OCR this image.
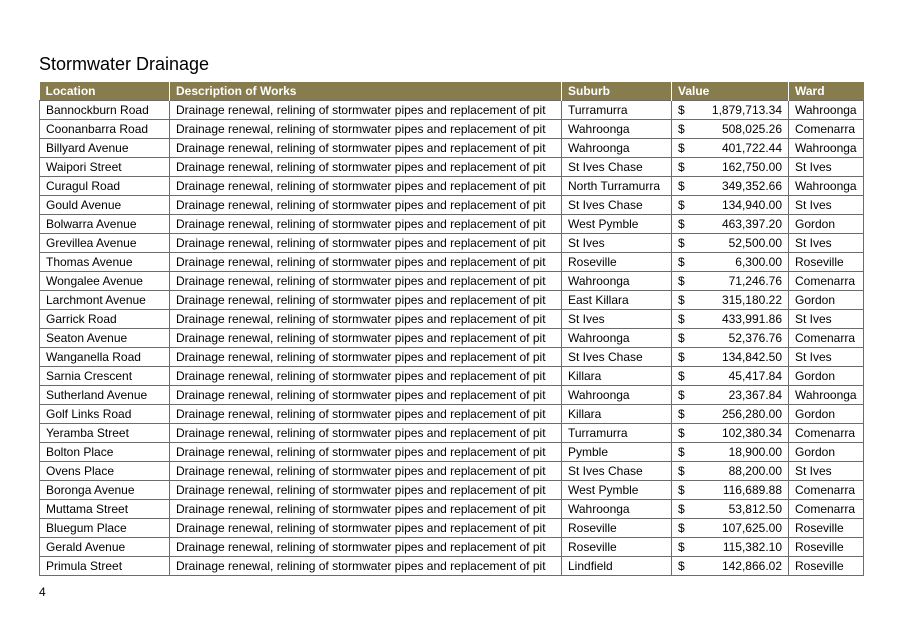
Stormwater Drainage
Location	Description of Works	Suburb	Value	Ward
Bannockburn Road	Drainage renewal, relining of stormwater pipes and replacement of pit	Turramurra	$ 1,879,713.34	Wahroonga
Coonanbarra Road	Drainage renewal, relining of stormwater pipes and replacement of pit	Wahroonga	$ 508,025.26	Comenarra
Billyard Avenue	Drainage renewal, relining of stormwater pipes and replacement of pit	Wahroonga	$ 401,722.44	Wahroonga
Waipori Street	Drainage renewal, relining of stormwater pipes and replacement of pit	St Ives Chase	$ 162,750.00	St Ives
Curagul Road	Drainage renewal, relining of stormwater pipes and replacement of pit	North Turramurra	$ 349,352.66	Wahroonga
Gould Avenue	Drainage renewal, relining of stormwater pipes and replacement of pit	St Ives Chase	$ 134,940.00	St Ives
Bolwarra Avenue	Drainage renewal, relining of stormwater pipes and replacement of pit	West Pymble	$ 463,397.20	Gordon
Grevillea Avenue	Drainage renewal, relining of stormwater pipes and replacement of pit	St Ives	$ 52,500.00	St Ives
Thomas Avenue	Drainage renewal, relining of stormwater pipes and replacement of pit	Roseville	$ 6,300.00	Roseville
Wongalee Avenue	Drainage renewal, relining of stormwater pipes and replacement of pit	Wahroonga	$ 71,246.76	Comenarra
Larchmont Avenue	Drainage renewal, relining of stormwater pipes and replacement of pit	East Killara	$ 315,180.22	Gordon
Garrick Road	Drainage renewal, relining of stormwater pipes and replacement of pit	St Ives	$ 433,991.86	St Ives
Seaton Avenue	Drainage renewal, relining of stormwater pipes and replacement of pit	Wahroonga	$ 52,376.76	Comenarra
Wanganella Road	Drainage renewal, relining of stormwater pipes and replacement of pit	St Ives Chase	$ 134,842.50	St Ives
Sarnia Crescent	Drainage renewal, relining of stormwater pipes and replacement of pit	Killara	$ 45,417.84	Gordon
Sutherland Avenue	Drainage renewal, relining of stormwater pipes and replacement of pit	Wahroonga	$ 23,367.84	Wahroonga
Golf Links Road	Drainage renewal, relining of stormwater pipes and replacement of pit	Killara	$ 256,280.00	Gordon
Yeramba Street	Drainage renewal, relining of stormwater pipes and replacement of pit	Turramurra	$ 102,380.34	Comenarra
Bolton Place	Drainage renewal, relining of stormwater pipes and replacement of pit	Pymble	$ 18,900.00	Gordon
Ovens Place	Drainage renewal, relining of stormwater pipes and replacement of pit	St Ives Chase	$ 88,200.00	St Ives
Boronga Avenue	Drainage renewal, relining of stormwater pipes and replacement of pit	West Pymble	$ 116,689.88	Comenarra
Muttama Street	Drainage renewal, relining of stormwater pipes and replacement of pit	Wahroonga	$ 53,812.50	Comenarra
Bluegum Place	Drainage renewal, relining of stormwater pipes and replacement of pit	Roseville	$ 107,625.00	Roseville
Gerald Avenue	Drainage renewal, relining of stormwater pipes and replacement of pit	Roseville	$ 115,382.10	Roseville
Primula Street	Drainage renewal, relining of stormwater pipes and replacement of pit	Lindfield	$ 142,866.02	Roseville
4
